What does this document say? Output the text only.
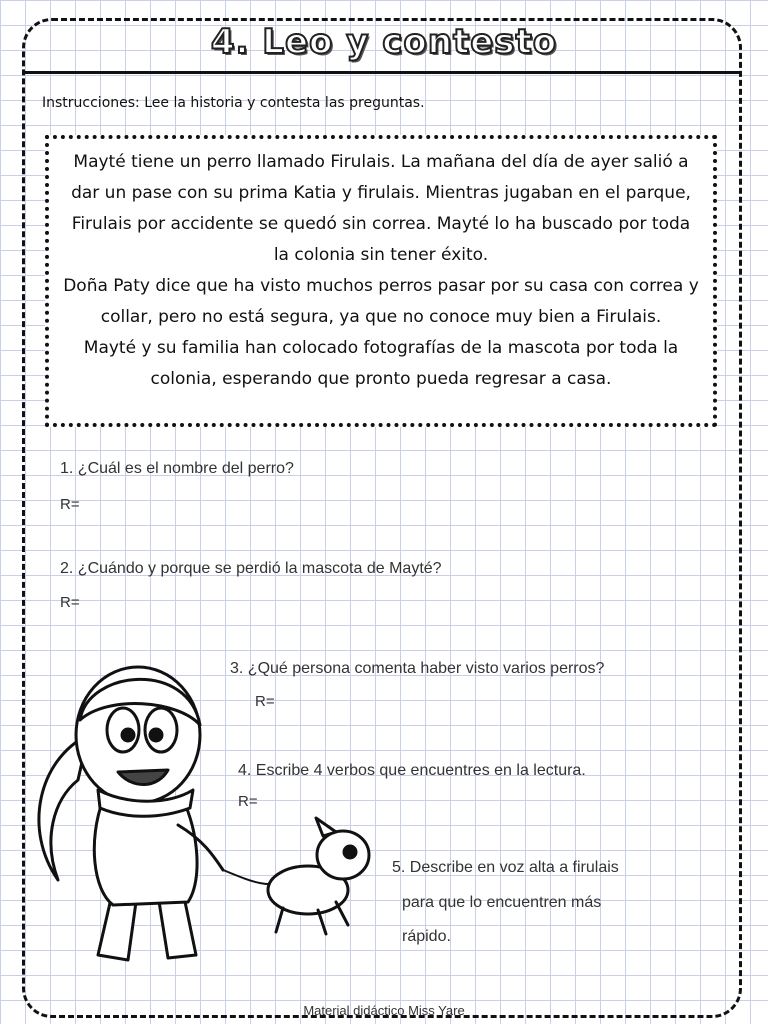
4. Leo y contesto
Instrucciones: Lee la historia y contesta las preguntas.

Mayté tiene un perro llamado Firulais. La mañana del día de ayer salió a dar un pase con su prima Katia y firulais. Mientras jugaban en el parque, Firulais por accidente se quedó sin correa. Mayté lo ha buscado por toda la colonia sin tener éxito.

Doña Paty dice que ha visto muchos perros pasar por su casa con correa y collar, pero no está segura, ya que no conoce muy bien a Firulais.

Mayté y su familia han colocado fotografías de la mascota por toda la colonia, esperando que pronto pueda regresar a casa.

1. ¿Cuál es el nombre del perro?
R=
2. ¿Cuándo y porque se perdió la mascota de Mayté?
R=
3. ¿Qué persona comenta haber visto varios perros?
R=
4. Escribe 4 verbos que encuentres en la lectura.
R=
5. Describe en voz alta a firulais
para que lo encuentren más
rápido.
Material didáctico Miss Yare
